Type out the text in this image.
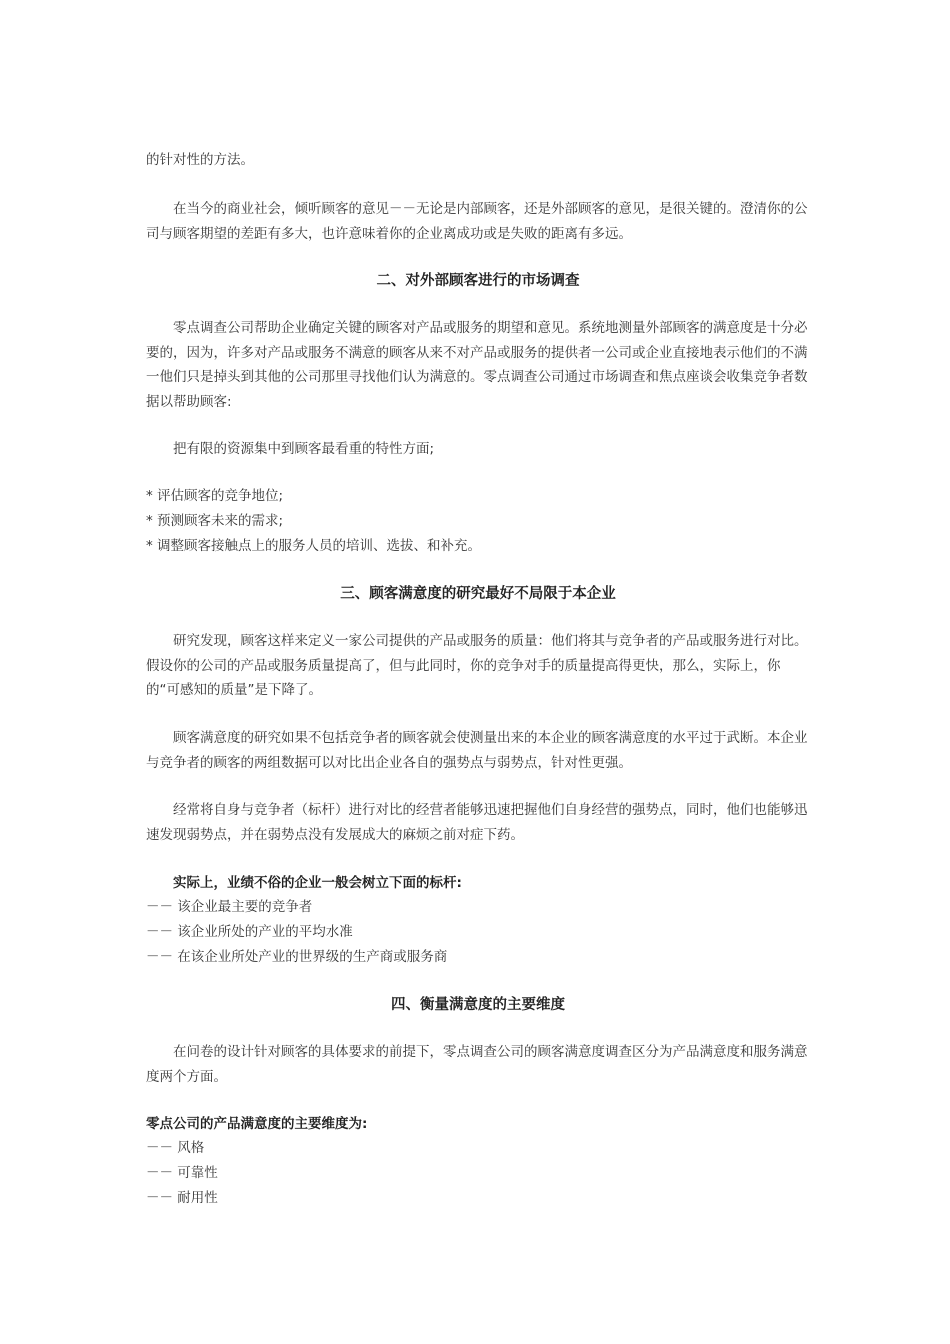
的针对性的方法。

在当今的商业社会，倾听顾客的意见－－无论是内部顾客，还是外部顾客的意见，是很关键的。澄清你的公司与顾客期望的差距有多大，也许意味着你的企业离成功或是失败的距离有多远。

二、对外部顾客进行的市场调查

零点调查公司帮助企业确定关键的顾客对产品或服务的期望和意见。系统地测量外部顾客的满意度是十分必要的，因为，许多对产品或服务不满意的顾客从来不对产品或服务的提供者一公司或企业直接地表示他们的不满一他们只是掉头到其他的公司那里寻找他们认为满意的。零点调查公司通过市场调查和焦点座谈会收集竞争者数据以帮助顾客:

把有限的资源集中到顾客最看重的特性方面;

* 评估顾客的竞争地位;
* 预测顾客未来的需求;
* 调整顾客接触点上的服务人员的培训、选拔、和补充。
三、顾客满意度的研究最好不局限于本企业

研究发现，顾客这样来定义一家公司提供的产品或服务的质量：他们将其与竞争者的产品或服务进行对比。假设你的公司的产品或服务质量提高了，但与此同时，你的竞争对手的质量提高得更快，那么，实际上，你的“可感知的质量”是下降了。

顾客满意度的研究如果不包括竞争者的顾客就会使测量出来的本企业的顾客满意度的水平过于武断。本企业与竞争者的顾客的两组数据可以对比出企业各自的强势点与弱势点，针对性更强。

经常将自身与竞争者（标杆）进行对比的经营者能够迅速把握他们自身经营的强势点，同时，他们也能够迅速发现弱势点，并在弱势点没有发展成大的麻烦之前对症下药。

实际上，业绩不俗的企业一般会树立下面的标杆:

－－ 该企业最主要的竞争者
－－ 该企业所处的产业的平均水准
－－ 在该企业所处产业的世界级的生产商或服务商
四、衡量满意度的主要维度

在问卷的设计针对顾客的具体要求的前提下，零点调查公司的顾客满意度调查区分为产品满意度和服务满意度两个方面。

零点公司的产品满意度的主要维度为:

－－ 风格
－－ 可靠性
－－ 耐用性
